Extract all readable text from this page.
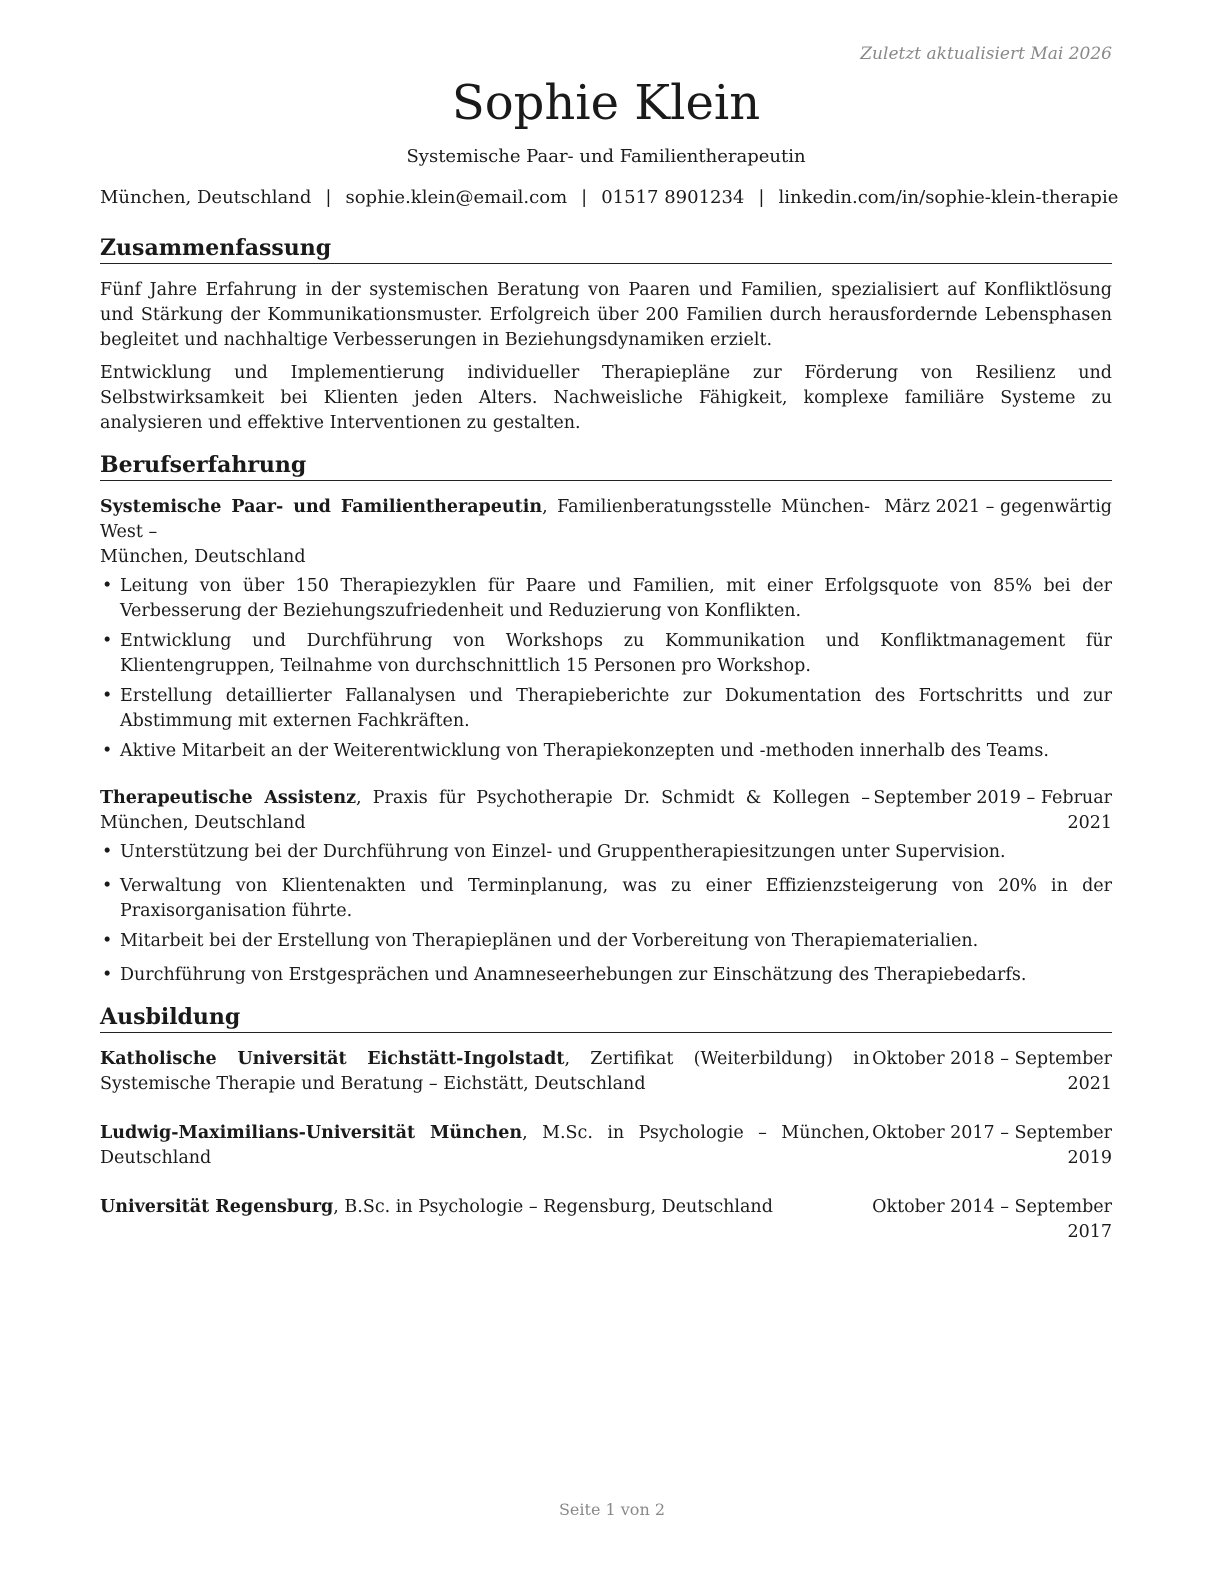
Zuletzt aktualisiert Mai 2026
Sophie Klein
Systemische Paar- und Familientherapeutin
München, Deutschland | sophie.klein@email.com | 01517 8901234 | linkedin.com/in/sophie-klein-therapie
Zusammenfassung
Fünf Jahre Erfahrung in der systemischen Beratung von Paaren und Familien, spezialisiert auf Konfliktlösung und Stärkung der Kommunikationsmuster. Erfolgreich über 200 Familien durch herausfordernde Lebensphasen begleitet und nachhaltige Verbesserungen in Beziehungsdynamiken erzielt.
Entwicklung und Implementierung individueller Therapiepläne zur Förderung von Resilienz und Selbstwirksamkeit bei Klienten jeden Alters. Nachweisliche Fähigkeit, komplexe familiäre Systeme zu analysieren und effektive Interventionen zu gestalten.
Berufserfahrung
Systemische Paar- und Familientherapeutin, Familienberatungsstelle München-West –
München, Deutschland
März 2021 – gegenwärtig
• Leitung von über 150 Therapiezyklen für Paare und Familien, mit einer Erfolgsquote von 85% bei der Verbesserung der Beziehungszufriedenheit und Reduzierung von Konflikten.
• Entwicklung und Durchführung von Workshops zu Kommunikation und Konfliktmanagement für Klientengruppen, Teilnahme von durchschnittlich 15 Personen pro Workshop.
• Erstellung detaillierter Fallanalysen und Therapieberichte zur Dokumentation des Fortschritts und zur Abstimmung mit externen Fachkräften.
• Aktive Mitarbeit an der Weiterentwicklung von Therapiekonzepten und -methoden innerhalb des Teams.
Therapeutische Assistenz, Praxis für Psychotherapie Dr. Schmidt & Kollegen – München, Deutschland
September 2019 – Februar
2021
• Unterstützung bei der Durchführung von Einzel- und Gruppentherapiesitzungen unter Supervision.
• Verwaltung von Klientenakten und Terminplanung, was zu einer Effizienzsteigerung von 20% in der Praxisorganisation führte.
• Mitarbeit bei der Erstellung von Therapieplänen und der Vorbereitung von Therapiematerialien.
• Durchführung von Erstgesprächen und Anamneseerhebungen zur Einschätzung des Therapiebedarfs.
Ausbildung
Katholische Universität Eichstätt-Ingolstadt, Zertifikat (Weiterbildung) in Systemische Therapie und Beratung – Eichstätt, Deutschland
Oktober 2018 – September
2021
Ludwig-Maximilians-Universität München, M.Sc. in Psychologie – München, Deutschland
Oktober 2017 – September
2019
Universität Regensburg, B.Sc. in Psychologie – Regensburg, Deutschland	Oktober 2014 – September
2017
Seite 1 von 2
